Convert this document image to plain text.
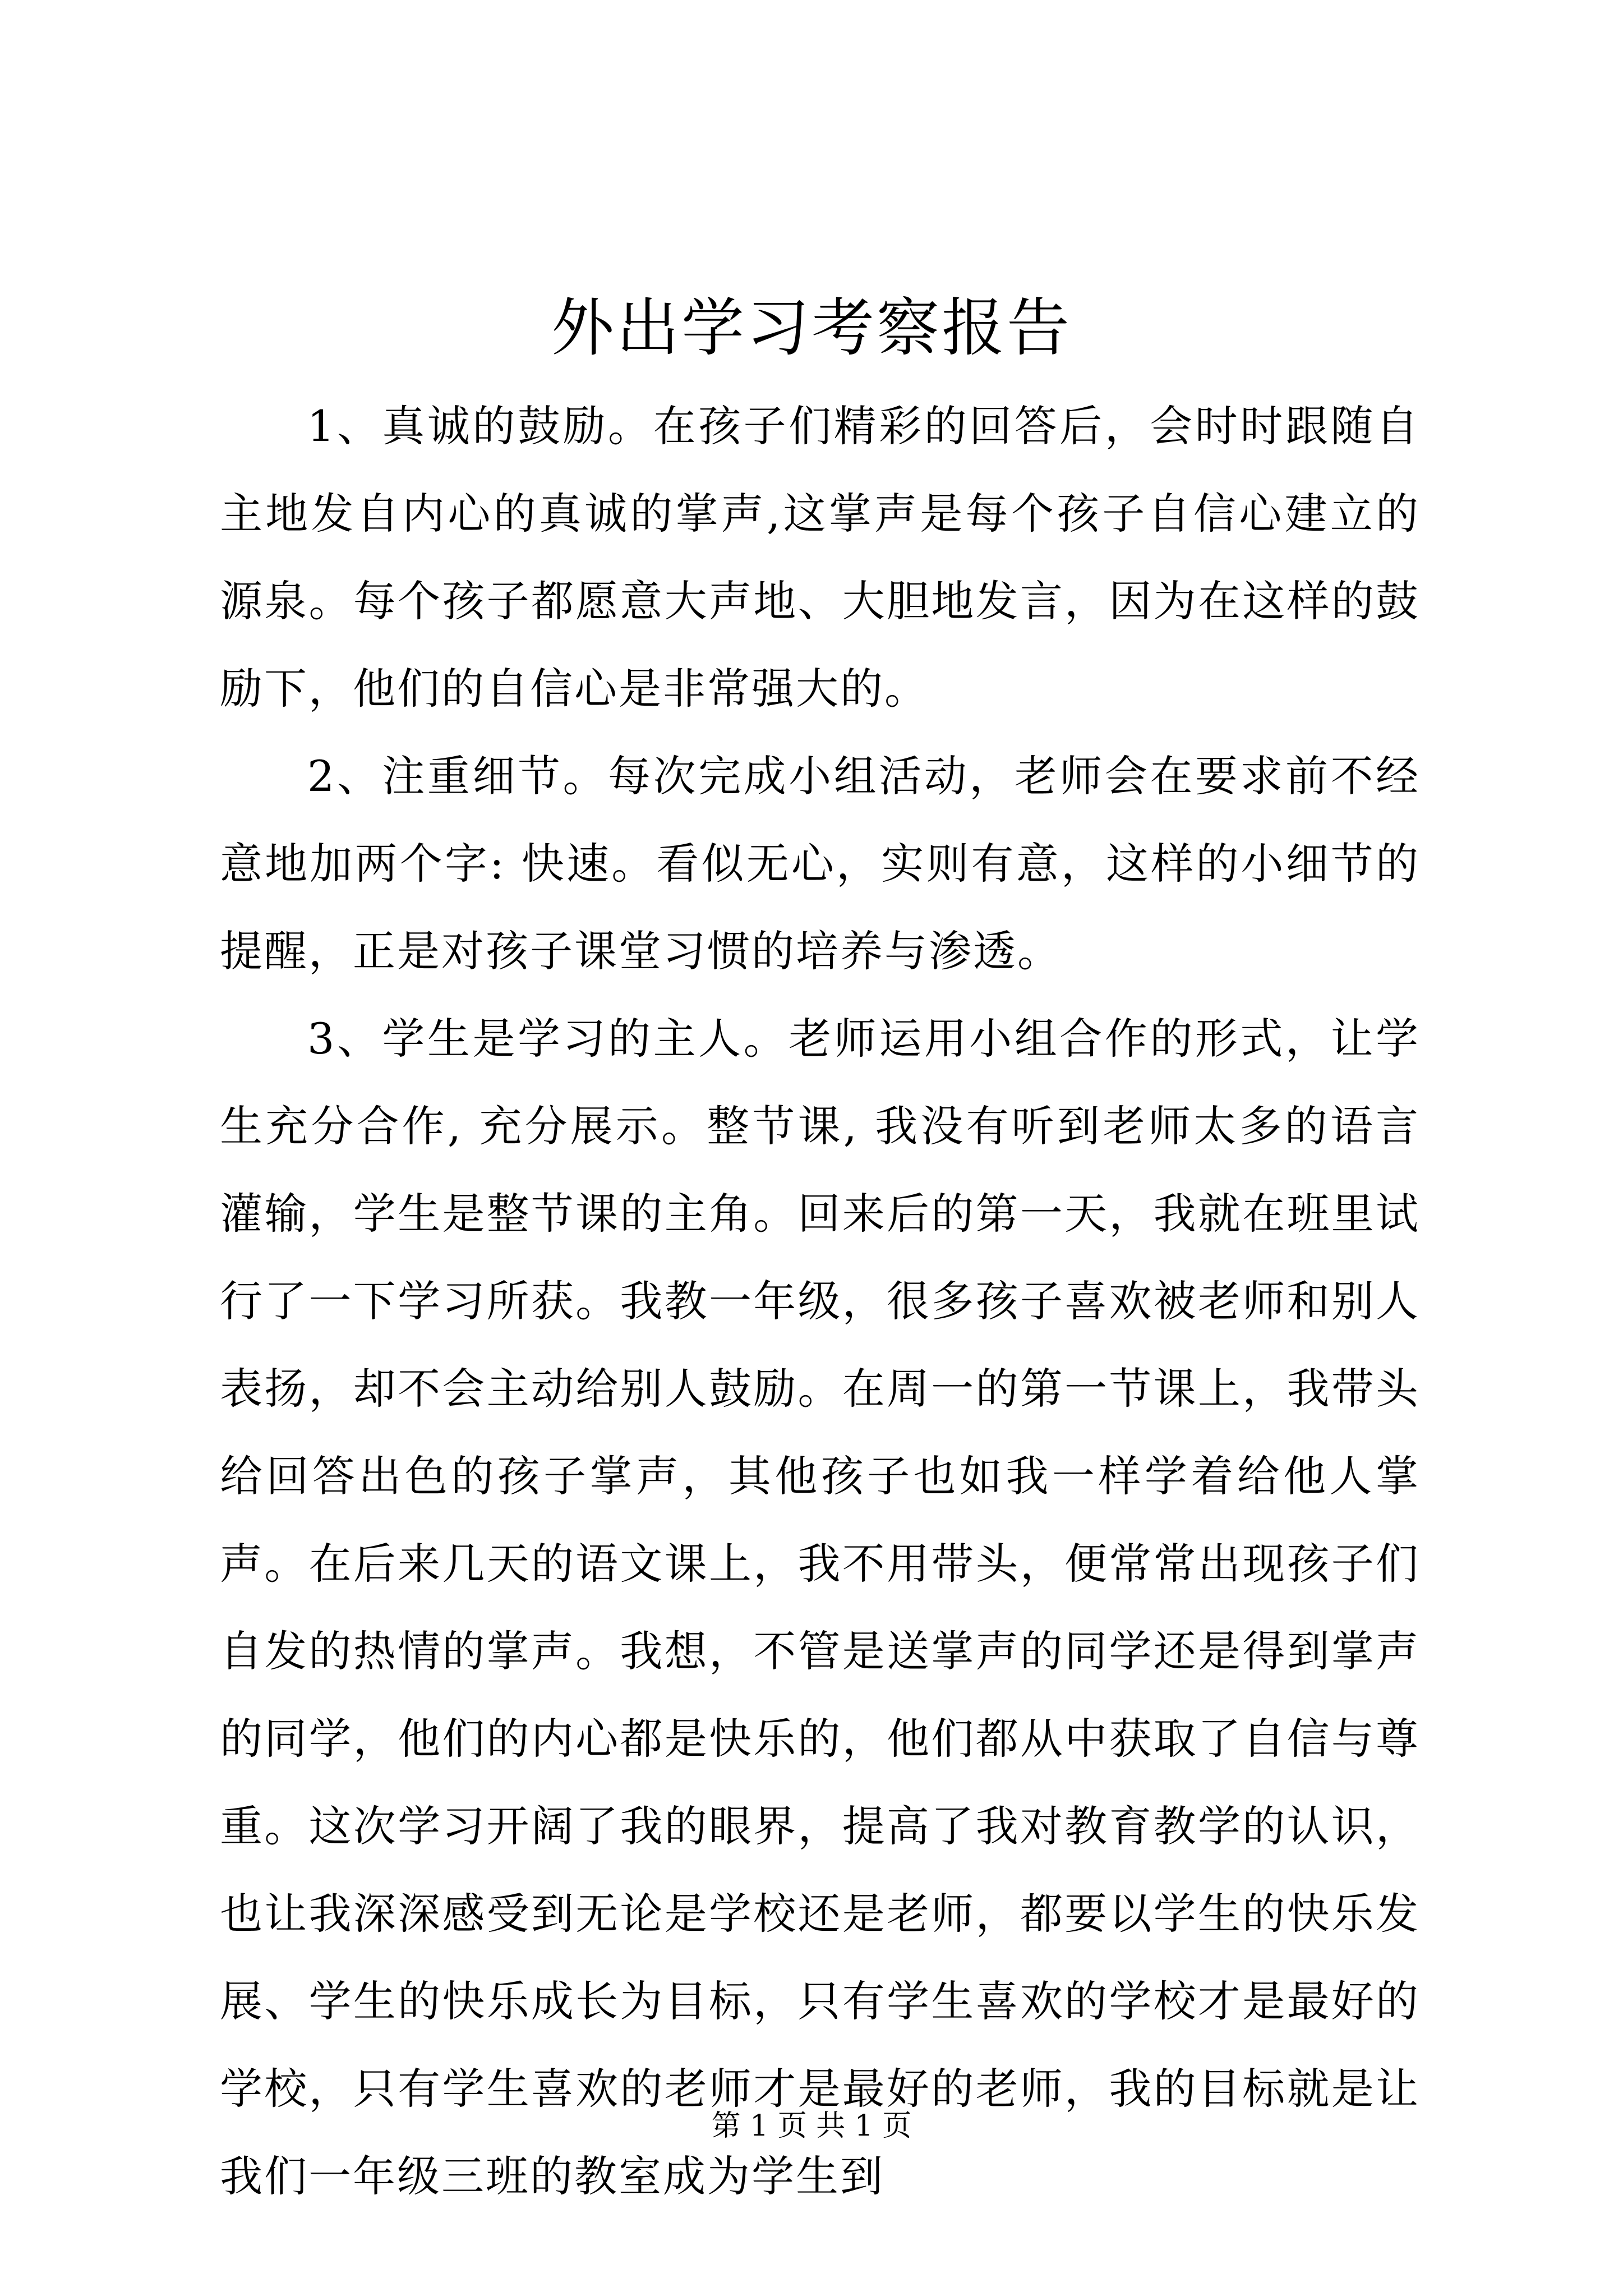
外出学习考察报告

1、真诚的鼓励。在孩子们精彩的回答后，会时时跟随自主地发自内心的真诚的掌声,这掌声是每个孩子自信心建立的源泉。每个孩子都愿意大声地、大胆地发言，因为在这样的鼓励下，他们的自信心是非常强大的。

2、注重细节。每次完成小组活动，老师会在要求前不经意地加两个字: 快速。看似无心，实则有意，这样的小细节的提醒，正是对孩子课堂习惯的培养与渗透。

3、学生是学习的主人。老师运用小组合作的形式，让学生充分合作, 充分展示。整节课, 我没有听到老师太多的语言灌输，学生是整节课的主角。回来后的第一天，我就在班里试行了一下学习所获。我教一年级，很多孩子喜欢被老师和别人表扬，却不会主动给别人鼓励。在周一的第一节课上，我带头给回答出色的孩子掌声，其他孩子也如我一样学着给他人掌声。在后来几天的语文课上，我不用带头，便常常出现孩子们自发的热情的掌声。我想，不管是送掌声的同学还是得到掌声的同学，他们的内心都是快乐的，他们都从中获取了自信与尊重。这次学习开阔了我的眼界，提高了我对教育教学的认识，也让我深深感受到无论是学校还是老师，都要以学生的快乐发展、学生的快乐成长为目标，只有学生喜欢的学校才是最好的学校，只有学生喜欢的老师才是最好的老师，我的目标就是让我们一年级三班的教室成为学生到

第 1 页 共 1 页
